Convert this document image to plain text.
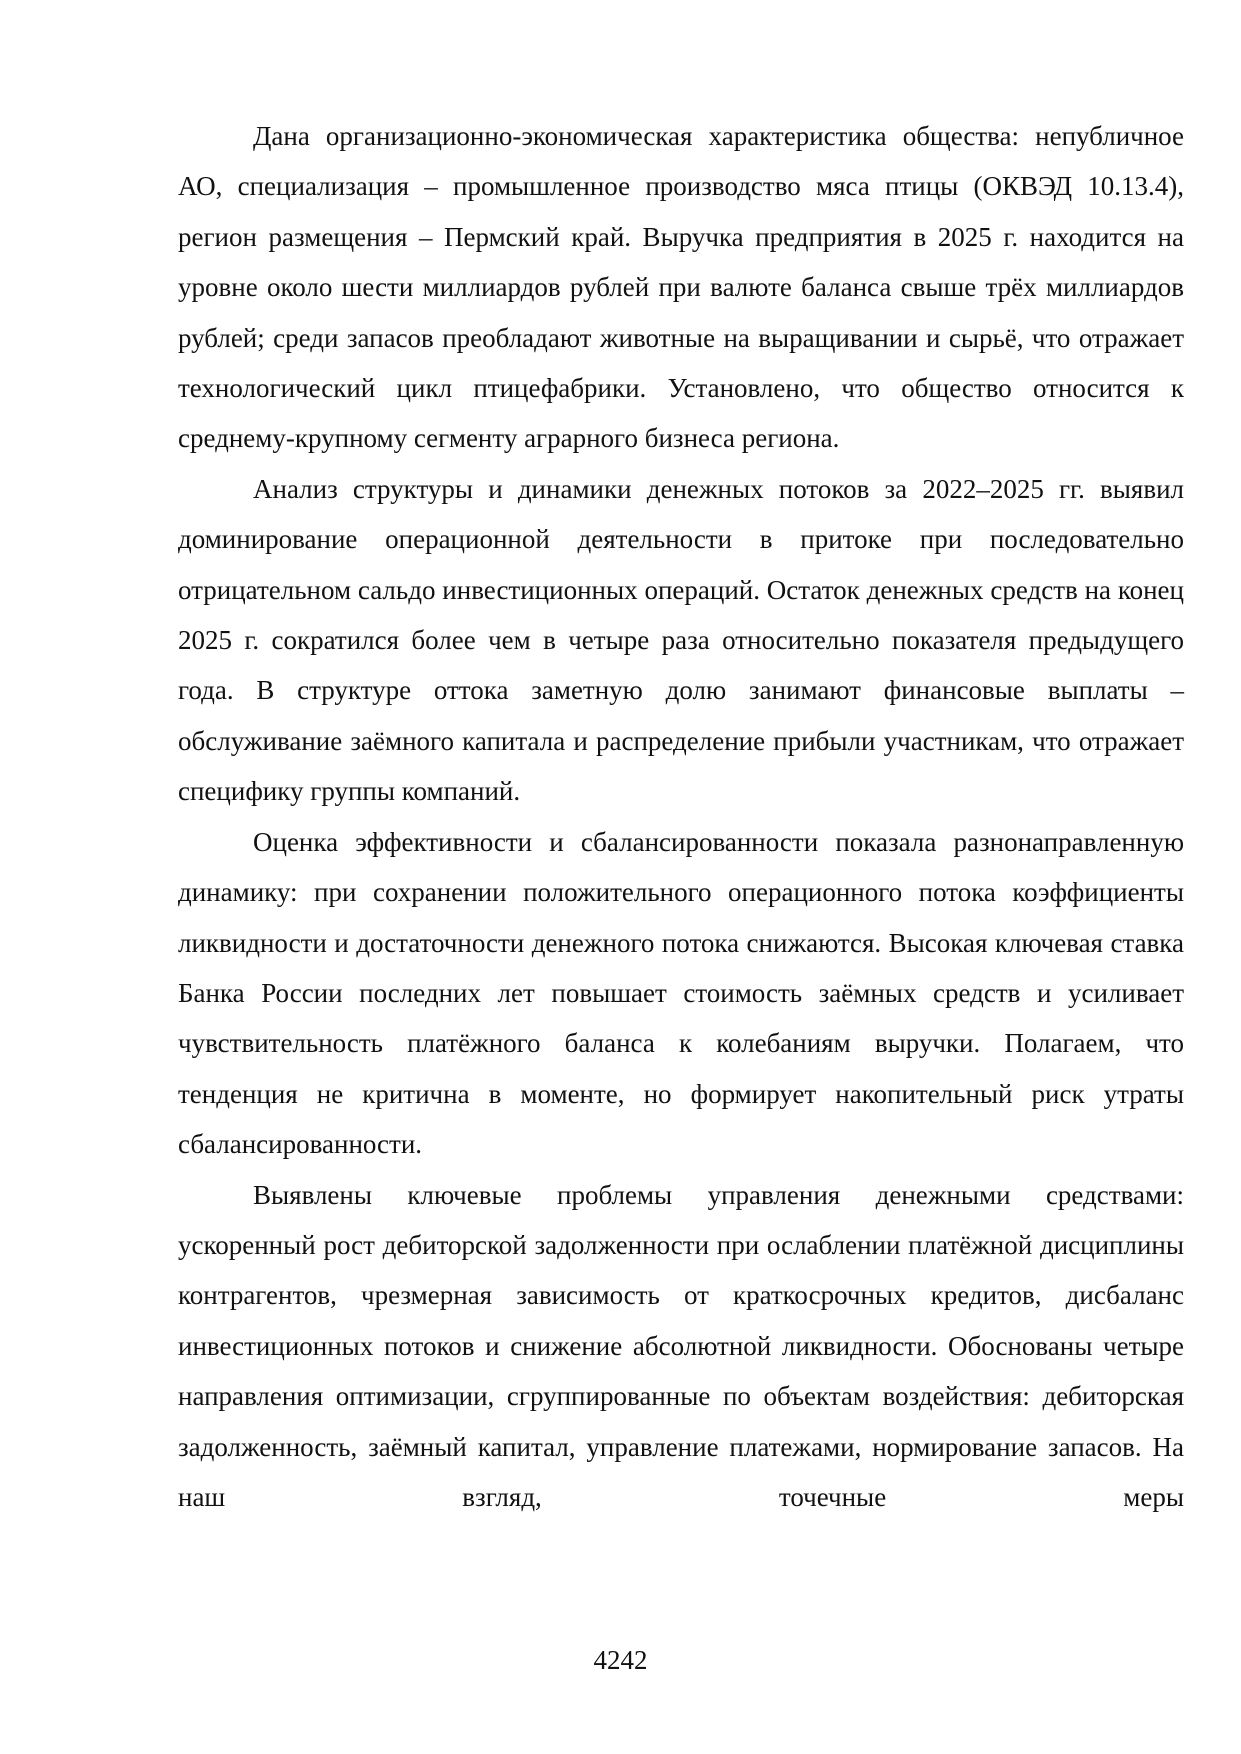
Дана организационно-экономическая характеристика общества: непубличное АО, специализация – промышленное производство мяса птицы (ОКВЭД 10.13.4), регион размещения – Пермский край. Выручка предприятия в 2025 г. находится на уровне около шести миллиардов рублей при валюте баланса свыше трёх миллиардов рублей; среди запасов преобладают животные на выращивании и сырьё, что отражает технологический цикл птицефабрики. Установлено, что общество относится к среднему-крупному сегменту аграрного бизнеса региона.

Анализ структуры и динамики денежных потоков за 2022–2025 гг. выявил доминирование операционной деятельности в притоке при последовательно отрицательном сальдо инвестиционных операций. Остаток денежных средств на конец 2025 г. сократился более чем в четыре раза относительно показателя предыдущего года. В структуре оттока заметную долю занимают финансовые выплаты – обслуживание заёмного капитала и распределение прибыли участникам, что отражает специфику группы компаний.

Оценка эффективности и сбалансированности показала разнонаправленную динамику: при сохранении положительного операционного потока коэффициенты ликвидности и достаточности денежного потока снижаются. Высокая ключевая ставка Банка России последних лет повышает стоимость заёмных средств и усиливает чувствительность платёжного баланса к колебаниям выручки. Полагаем, что тенденция не критична в моменте, но формирует накопительный риск утраты сбалансированности.

Выявлены ключевые проблемы управления денежными средствами: ускоренный рост дебиторской задолженности при ослаблении платёжной дисциплины контрагентов, чрезмерная зависимость от краткосрочных кредитов, дисбаланс инвестиционных потоков и снижение абсолютной ликвидности. Обоснованы четыре направления оптимизации, сгруппированные по объектам воздействия: дебиторская задолженность, заёмный капитал, управление платежами, нормирование запасов. На наш взгляд, точечные меры

4242
